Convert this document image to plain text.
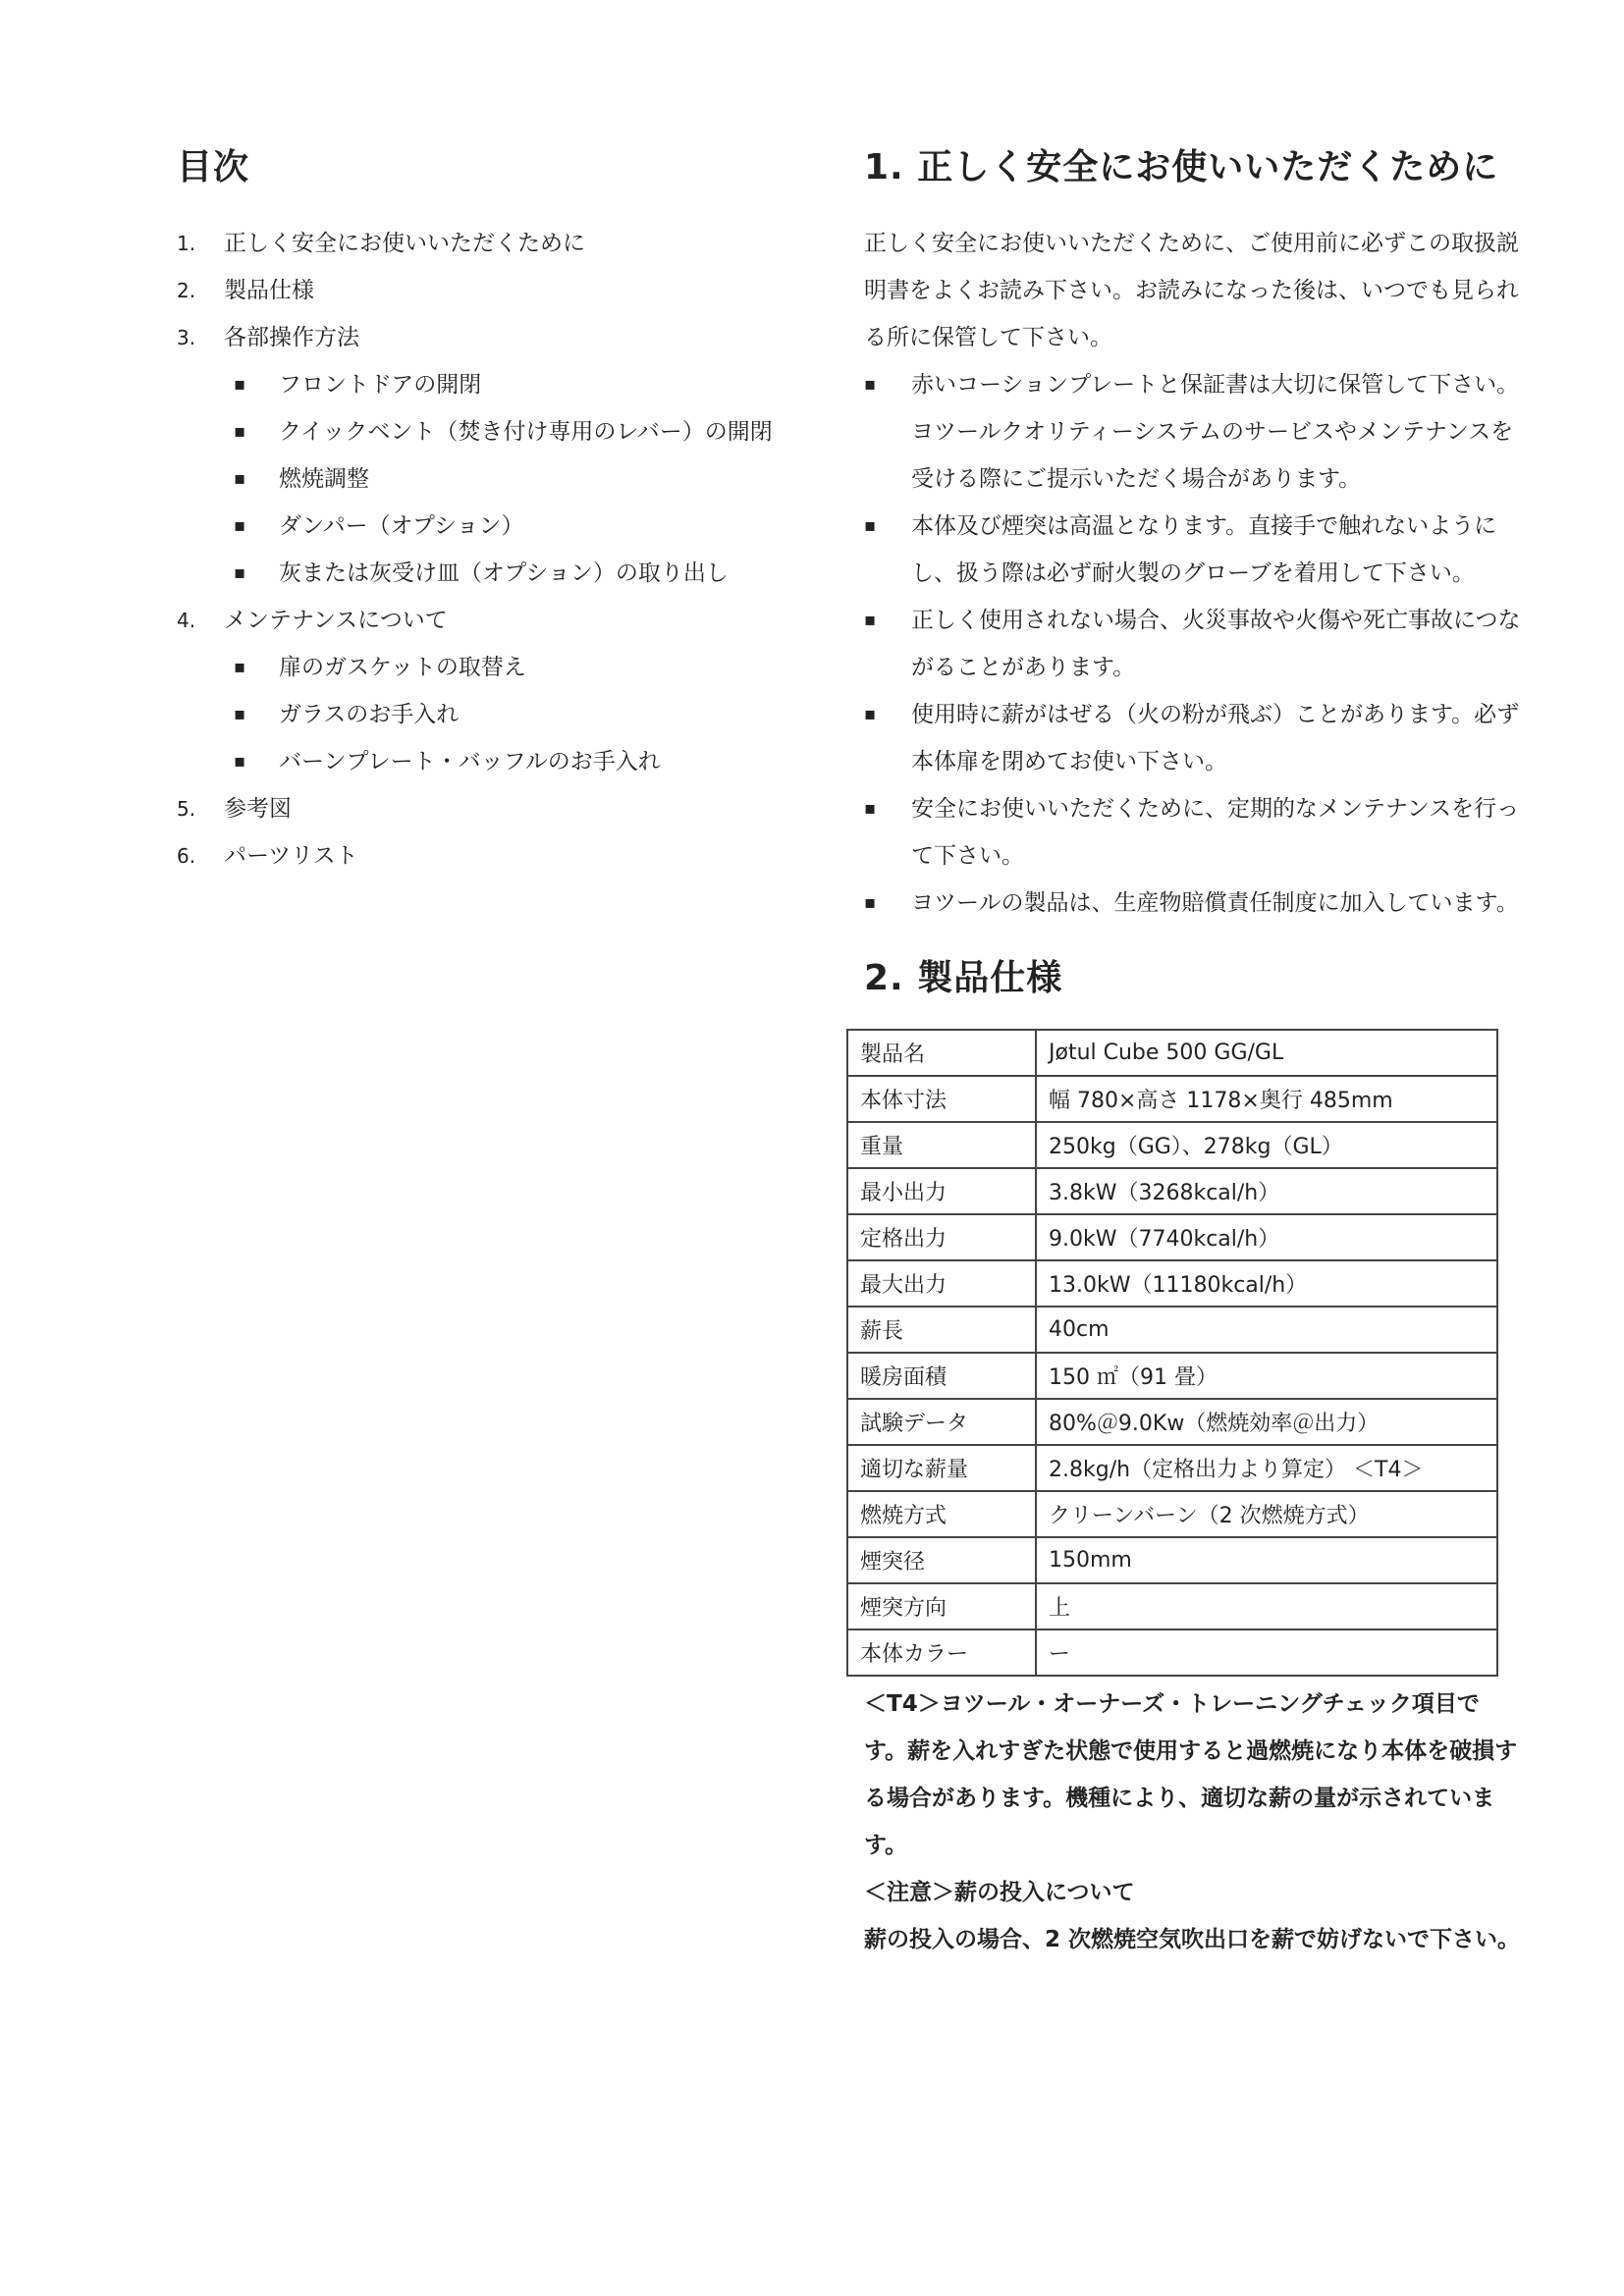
目次
1. 正しく安全にお使いいただくために
2. 製品仕様
3. 各部操作方法
▪ フロントドアの開閉
▪ クイックベント（焚き付け専用のレバー）の開閉
▪ 燃焼調整
▪ ダンパー（オプション）
▪ 灰または灰受け皿（オプション）の取り出し
4. メンテナンスについて
▪ 扉のガスケットの取替え
▪ ガラスのお手入れ
▪ バーンプレート・バッフルのお手入れ
5. 参考図
6. パーツリスト
1. 正しく安全にお使いいただくために

正しく安全にお使いいただくために、ご使用前に必ずこの取扱説明書をよくお読み下さい。お読みになった後は、いつでも見られる所に保管して下さい。

▪ 赤いコーションプレートと保証書は大切に保管して下さい。ヨツールクオリティーシステムのサービスやメンテナンスを受ける際にご提示いただく場合があります。
▪ 本体及び煙突は高温となります。直接手で触れないようにし、扱う際は必ず耐火製のグローブを着用して下さい。
▪ 正しく使用されない場合、火災事故や火傷や死亡事故につながることがあります。
▪ 使用時に薪がはぜる（火の粉が飛ぶ）ことがあります。必ず本体扉を閉めてお使い下さい。
▪ 安全にお使いいただくために、定期的なメンテナンスを行って下さい。
▪ ヨツールの製品は、生産物賠償責任制度に加入しています。
2. 製品仕様
製品名	Jøtul Cube 500 GG/GL
本体寸法	幅 780×高さ 1178×奥行 485mm
重量	250kg（GG）、278kg（GL）
最小出力	3.8kW（3268kcal/h）
定格出力	9.0kW（7740kcal/h）
最大出力	13.0kW（11180kcal/h）
薪長	40cm
暖房面積	150 ㎡（91 畳）
試験データ	80%＠9.0Kw（燃焼効率＠出力）
適切な薪量	2.8kg/h（定格出力より算定） ＜T4＞
燃焼方式	クリーンバーン（2 次燃焼方式）
煙突径	150mm
煙突方向	上
本体カラー	ー

＜T4＞ヨツール・オーナーズ・トレーニングチェック項目です。薪を入れすぎた状態で使用すると過燃焼になり本体を破損する場合があります。機種により、適切な薪の量が示されています。

＜注意＞薪の投入について

薪の投入の場合、2 次燃焼空気吹出口を薪で妨げないで下さい。
